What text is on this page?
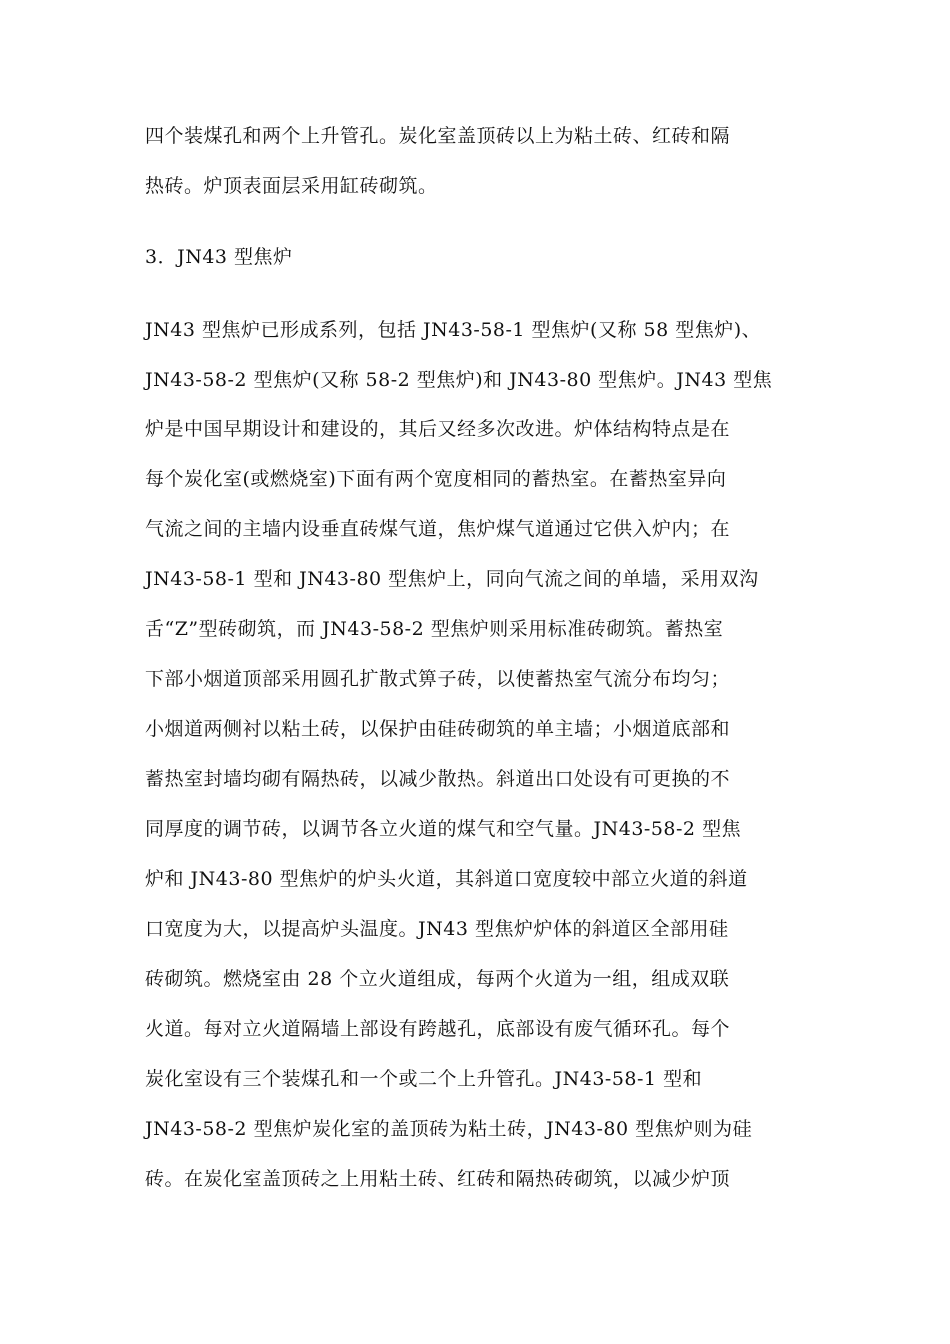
四个装煤孔和两个上升管孔。炭化室盖顶砖以上为粘土砖、红砖和隔
热砖。炉顶表面层采用缸砖砌筑。
3．JN43 型焦炉
JN43 型焦炉已形成系列，包括 JN43-58-1 型焦炉(又称 58 型焦炉)、
JN43-58-2 型焦炉(又称 58-2 型焦炉)和 JN43-80 型焦炉。JN43 型焦
炉是中国早期设计和建设的，其后又经多次改进。炉体结构特点是在
每个炭化室(或燃烧室)下面有两个宽度相同的蓄热室。在蓄热室异向
气流之间的主墙内设垂直砖煤气道，焦炉煤气道通过它供入炉内；在
JN43-58-1 型和 JN43-80 型焦炉上，同向气流之间的单墙，采用双沟
舌“Z”型砖砌筑，而 JN43-58-2 型焦炉则采用标准砖砌筑。蓄热室
下部小烟道顶部采用圆孔扩散式箅子砖，以使蓄热室气流分布均匀；
小烟道两侧衬以粘土砖，以保护由硅砖砌筑的单主墙；小烟道底部和
蓄热室封墙均砌有隔热砖，以减少散热。斜道出口处设有可更换的不
同厚度的调节砖，以调节各立火道的煤气和空气量。JN43-58-2 型焦
炉和 JN43-80 型焦炉的炉头火道，其斜道口宽度较中部立火道的斜道
口宽度为大，以提高炉头温度。JN43 型焦炉炉体的斜道区全部用硅
砖砌筑。燃烧室由 28 个立火道组成，每两个火道为一组，组成双联
火道。每对立火道隔墙上部设有跨越孔，底部设有废气循环孔。每个
炭化室设有三个装煤孔和一个或二个上升管孔。JN43-58-1 型和
JN43-58-2 型焦炉炭化室的盖顶砖为粘土砖，JN43-80 型焦炉则为硅
砖。在炭化室盖顶砖之上用粘土砖、红砖和隔热砖砌筑，以减少炉顶
